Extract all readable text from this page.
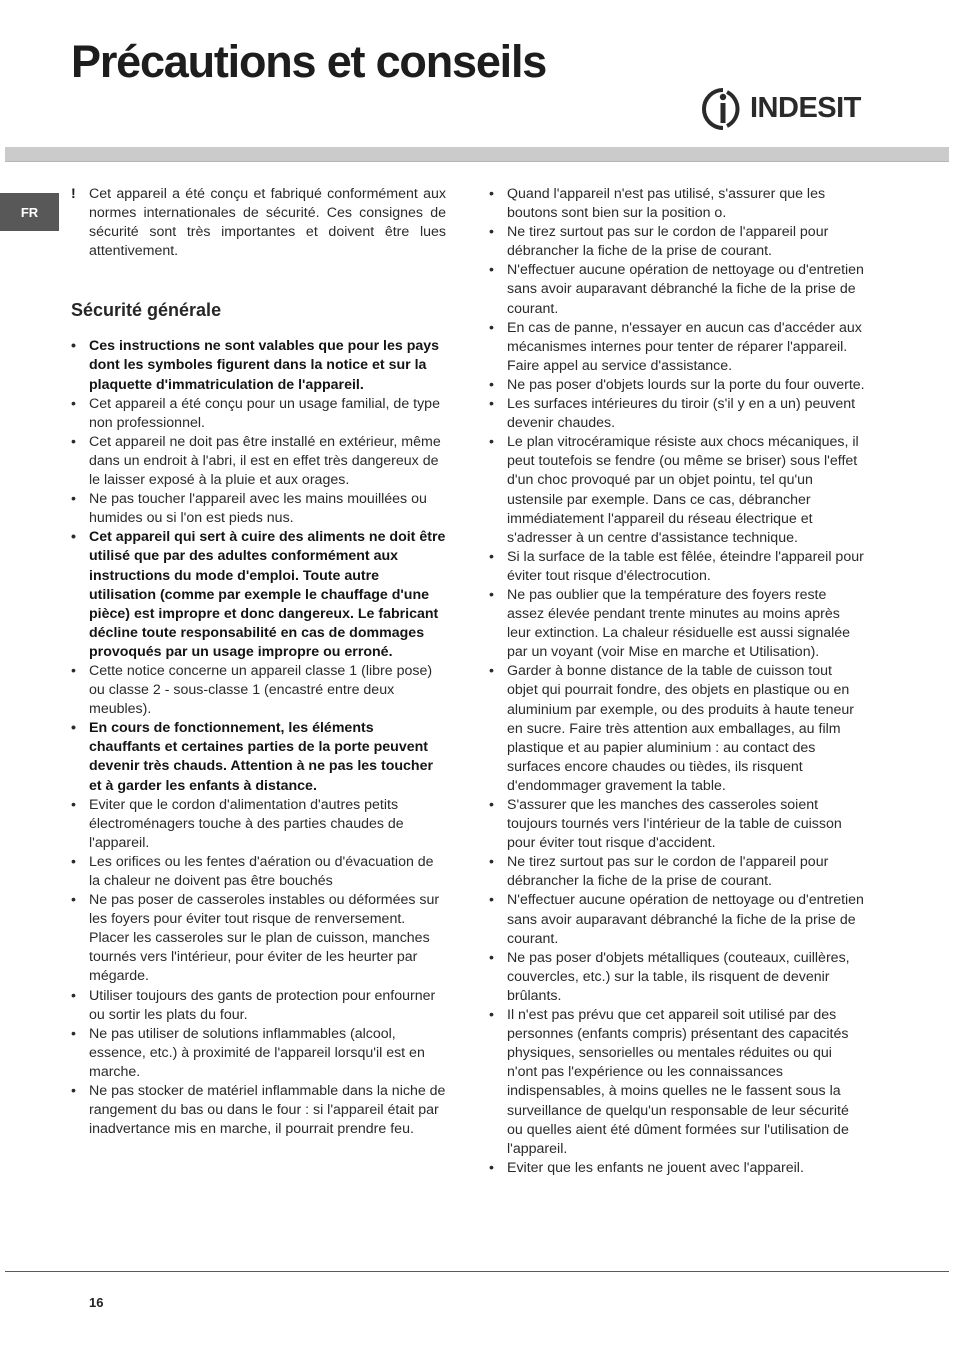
Précautions et conseils
INDESIT
FR

! Cet appareil a été conçu et fabriqué conformément aux normes internationales de sécurité. Ces consignes de sécurité sont très importantes et doivent être lues attentivement.

Sécurité générale
• Ces instructions ne sont valables que pour les pays dont les symboles figurent dans la notice et sur la plaquette d'immatriculation de l'appareil.
• Cet appareil a été conçu pour un usage familial, de type non professionnel.
• Cet appareil ne doit pas être installé en extérieur, même dans un endroit à l'abri, il est en effet très dangereux de le laisser exposé à la pluie et aux orages.
• Ne pas toucher l'appareil avec les mains mouillées ou humides ou si l'on est pieds nus.
• Cet appareil qui sert à cuire des aliments ne doit être utilisé que par des adultes conformément aux instructions du mode d'emploi. Toute autre utilisation (comme par exemple le chauffage d'une pièce) est impropre et donc dangereux. Le fabricant décline toute responsabilité en cas de dommages provoqués par un usage impropre ou erroné.
• Cette notice concerne un appareil classe 1 (libre pose) ou classe 2 - sous-classe 1 (encastré entre deux meubles).
• En cours de fonctionnement, les éléments chauffants et certaines parties de la porte peuvent devenir très chauds. Attention à ne pas les toucher et à garder les enfants à distance.
• Eviter que le cordon d'alimentation d'autres petits électroménagers touche à des parties chaudes de l'appareil.
• Les orifices ou les fentes d'aération ou d'évacuation de la chaleur ne doivent pas être bouchés
• Ne pas poser de casseroles instables ou déformées sur les foyers pour éviter tout risque de renversement. Placer les casseroles sur le plan de cuisson, manches tournés vers l'intérieur, pour éviter de les heurter par mégarde.
• Utiliser toujours des gants de protection pour enfourner ou sortir les plats du four.
• Ne pas utiliser de solutions inflammables (alcool, essence, etc.) à proximité de l'appareil lorsqu'il est en marche.
• Ne pas stocker de matériel inflammable dans la niche de rangement du bas ou dans le four : si l'appareil était par inadvertance mis en marche, il pourrait prendre feu.
• Quand l'appareil n'est pas utilisé, s'assurer que les boutons sont bien sur la position o.
• Ne tirez surtout pas sur le cordon de l'appareil pour débrancher la fiche de la prise de courant.
• N'effectuer aucune opération de nettoyage ou d'entretien sans avoir auparavant débranché la fiche de la prise de courant.
• En cas de panne, n'essayer en aucun cas d'accéder aux mécanismes internes pour tenter de réparer l'appareil. Faire appel au service d'assistance.
• Ne pas poser d'objets lourds sur la porte du four ouverte.
• Les surfaces intérieures du tiroir (s'il y en a un) peuvent devenir chaudes.
• Le plan vitrocéramique résiste aux chocs mécaniques, il peut toutefois se fendre (ou même se briser) sous l'effet d'un choc provoqué par un objet pointu, tel qu'un ustensile par exemple. Dans ce cas, débrancher immédiatement l'appareil du réseau électrique et s'adresser à un centre d'assistance technique.
• Si la surface de la table est fêlée, éteindre l'appareil pour éviter tout risque d'électrocution.
• Ne pas oublier que la température des foyers reste assez élevée pendant trente minutes au moins après leur extinction. La chaleur résiduelle est aussi signalée par un voyant (voir Mise en marche et Utilisation).
• Garder à bonne distance de la table de cuisson tout objet qui pourrait fondre, des objets en plastique ou en aluminium par exemple, ou des produits à haute teneur en sucre. Faire très attention aux emballages, au film plastique et au papier aluminium : au contact des surfaces encore chaudes ou tièdes, ils risquent d'endommager gravement la table.
• S'assurer que les manches des casseroles soient toujours tournés vers l'intérieur de la table de cuisson pour éviter tout risque d'accident.
• Ne tirez surtout pas sur le cordon de l'appareil pour débrancher la fiche de la prise de courant.
• N'effectuer aucune opération de nettoyage ou d'entretien sans avoir auparavant débranché la fiche de la prise de courant.
• Ne pas poser d'objets métalliques (couteaux, cuillères, couvercles, etc.) sur la table, ils risquent de devenir brûlants.
• Il n'est pas prévu que cet appareil soit utilisé par des personnes (enfants compris) présentant des capacités physiques, sensorielles ou mentales réduites ou qui n'ont pas l'expérience ou les connaissances indispensables, à moins quelles ne le fassent sous la surveillance de quelqu'un responsable de leur sécurité ou quelles aient été dûment formées sur l'utilisation de l'appareil.
• Eviter que les enfants ne jouent avec l'appareil.
16
